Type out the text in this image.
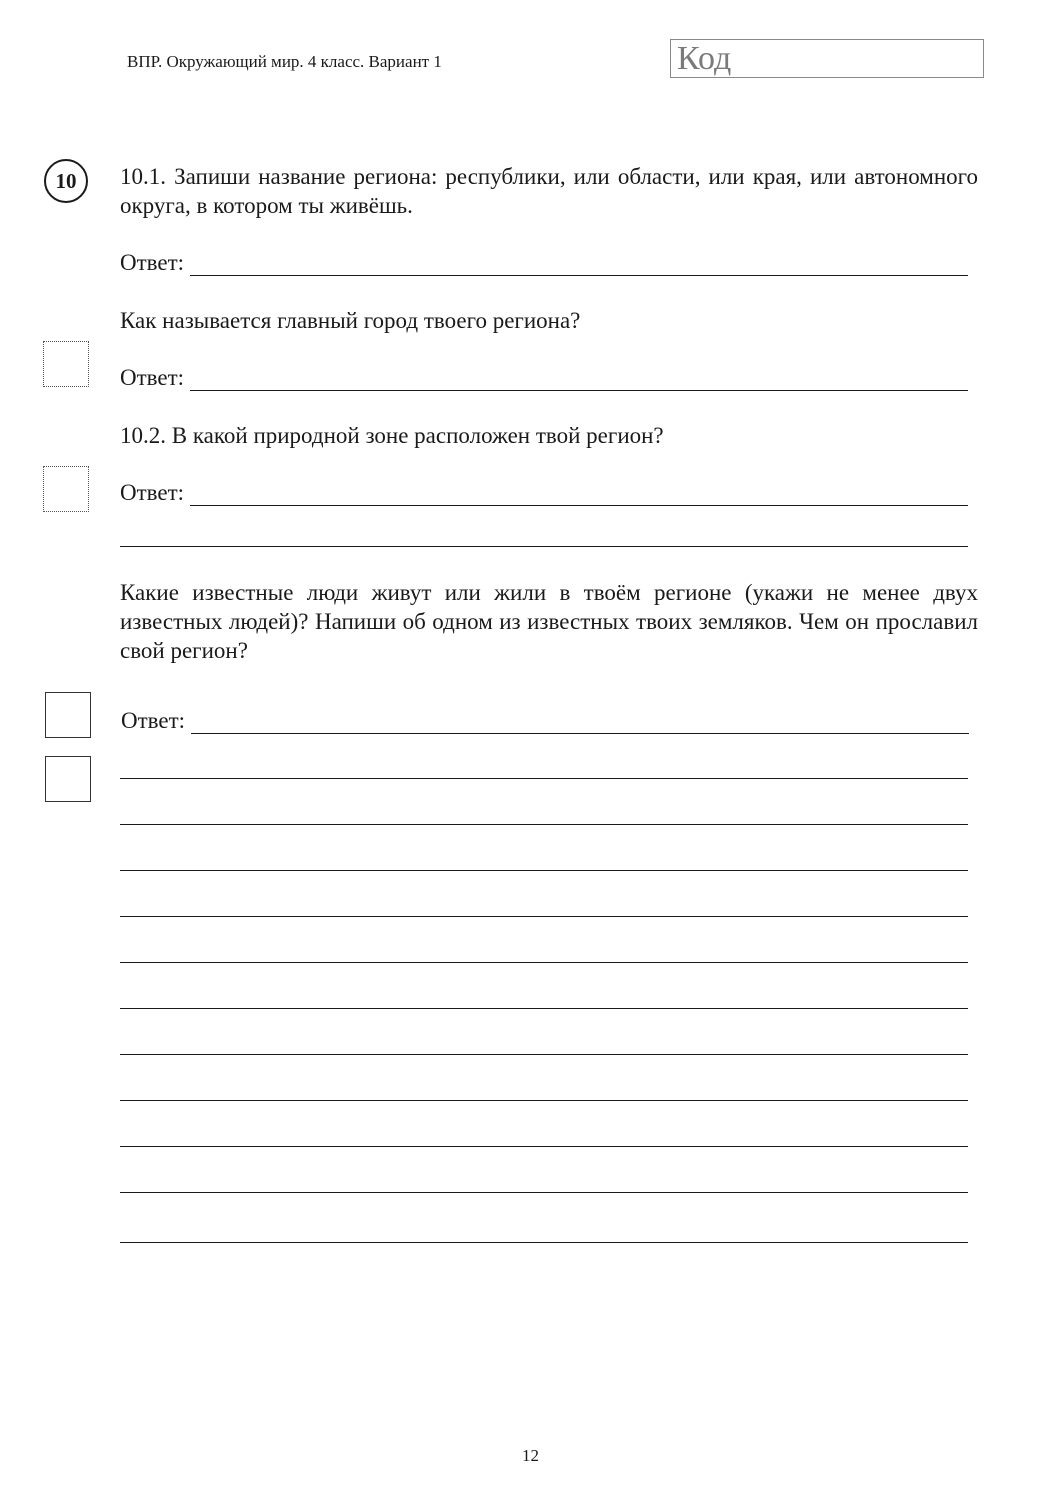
ВПР. Окружающий мир. 4 класс. Вариант 1	Код
10	10.1. Запиши название региона: республики, или области, или края, или автономного округа, в котором ты живёшь.
Ответ:
Как называется главный город твоего региона?
Ответ:
10.2. В какой природной зоне расположен твой регион?
Ответ:
Какие известные люди живут или жили в твоём регионе (укажи не менее двух известных людей)? Напиши об одном из известных твоих земляков. Чем он прославил свой регион?
Ответ:
12
